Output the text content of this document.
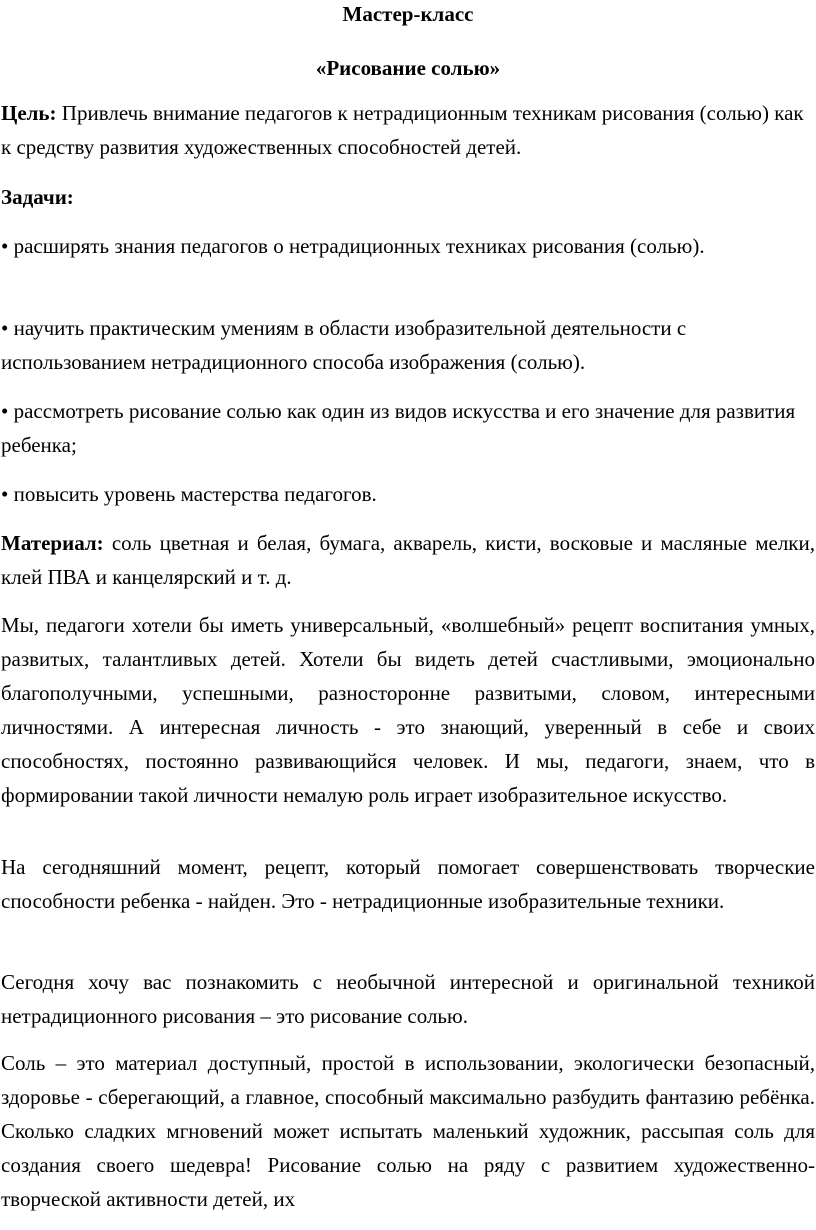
Мастер-класс
«Рисование солью»
Цель: Привлечь внимание педагогов к нетрадиционным техникам рисования (солью) как к средству развития художественных способностей детей.
Задачи:
• расширять знания педагогов о нетрадиционных техниках рисования (солью).
• научить практическим умениям в области изобразительной деятельности с использованием нетрадиционного способа изображения (солью).
• рассмотреть рисование солью как один из видов искусства и его значение для развития ребенка;
• повысить уровень мастерства педагогов.
Материал: соль цветная и белая, бумага, акварель, кисти, восковые и масляные мелки, клей ПВА и канцелярский и т. д.
Мы, педагоги хотели бы иметь универсальный, «волшебный» рецепт воспитания умных, развитых, талантливых детей. Хотели бы видеть детей счастливыми, эмоционально благополучными, успешными, разносторонне развитыми, словом, интересными личностями. А интересная личность - это знающий, уверенный в себе и своих способностях, постоянно развивающийся человек. И мы, педагоги, знаем, что в формировании такой личности немалую роль играет изобразительное искусство.
На сегодняшний момент, рецепт, который помогает совершенствовать творческие способности ребенка - найден. Это - нетрадиционные изобразительные техники.
Сегодня хочу вас познакомить с необычной интересной и оригинальной техникой нетрадиционного рисования – это рисование солью.
Соль – это материал доступный, простой в использовании, экологически безопасный, здоровье - сберегающий, а главное, способный максимально разбудить фантазию ребёнка. Сколько сладких мгновений может испытать маленький художник, рассыпая соль для создания своего шедевра! Рисование солью на ряду с развитием художественно-творческой активности детей, их
